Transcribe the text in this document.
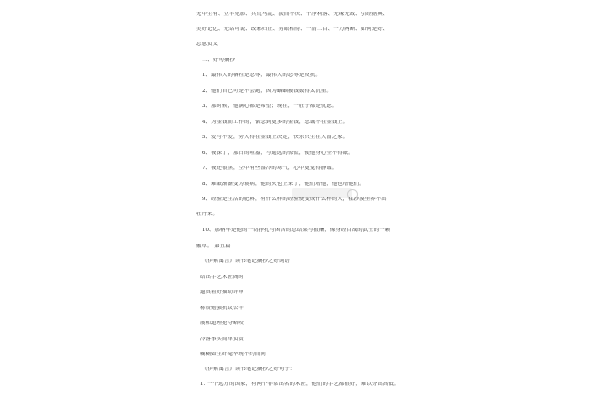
无中生有、立竿见影、兵荒马乱、淡而不厌、十净利落、无缘无故、引经据典、
美好记忆、无话可说、改邪归正、另眼相待、一清二白、一刀两断、如何是好、
忘恩负义
二、好句摘抄
1、最伟大的牺牲是忍辱，最伟大的忍辱是反抗。
2、他们自己可是不会跑，因为蝈蝈被钱数得太沉重。
3、那时候，他满心都是希望；现在，一肚子都是忧虑。
4、为金钱而工作的，惦念到更多的金钱，忠诚不在金钱上。
5、爱与不爱，旁人得在金钱上决定，快乐只生在大富之家。
6、夜深了，那日的喧嚣，与遥远的惊慌，使他身心全不得眠。
7、夜还很黑，空中有些湿冷的寒气，心中更觉得静谧。
8、难眠渐渐变为衰病，他的火也上来了，他们增他，他也增他们。
9、经验是生活的肥料，有什么样的经验便变成什么样的人，在沙漠里养不出
牡丹来。
10、那柄车是他的一切挣扎与困苦的总结果与报酬，像身经百战的武士的一颗
徽章。 第五篇
《伊索寓言》读书笔记摘抄之好词语
结出手艺术匠阁时
逼真着好描动评审
称赞勉强抗议公平
展和道理抢夺略咬
冷落事实简单负责
糊糊如生纤毫毕现不约而同
《伊索寓言》读书笔记摘抄之好句子：
1. 一个远方的国家，有两个非常出名的木匠，他们的手艺都很好，难以分出高低。
